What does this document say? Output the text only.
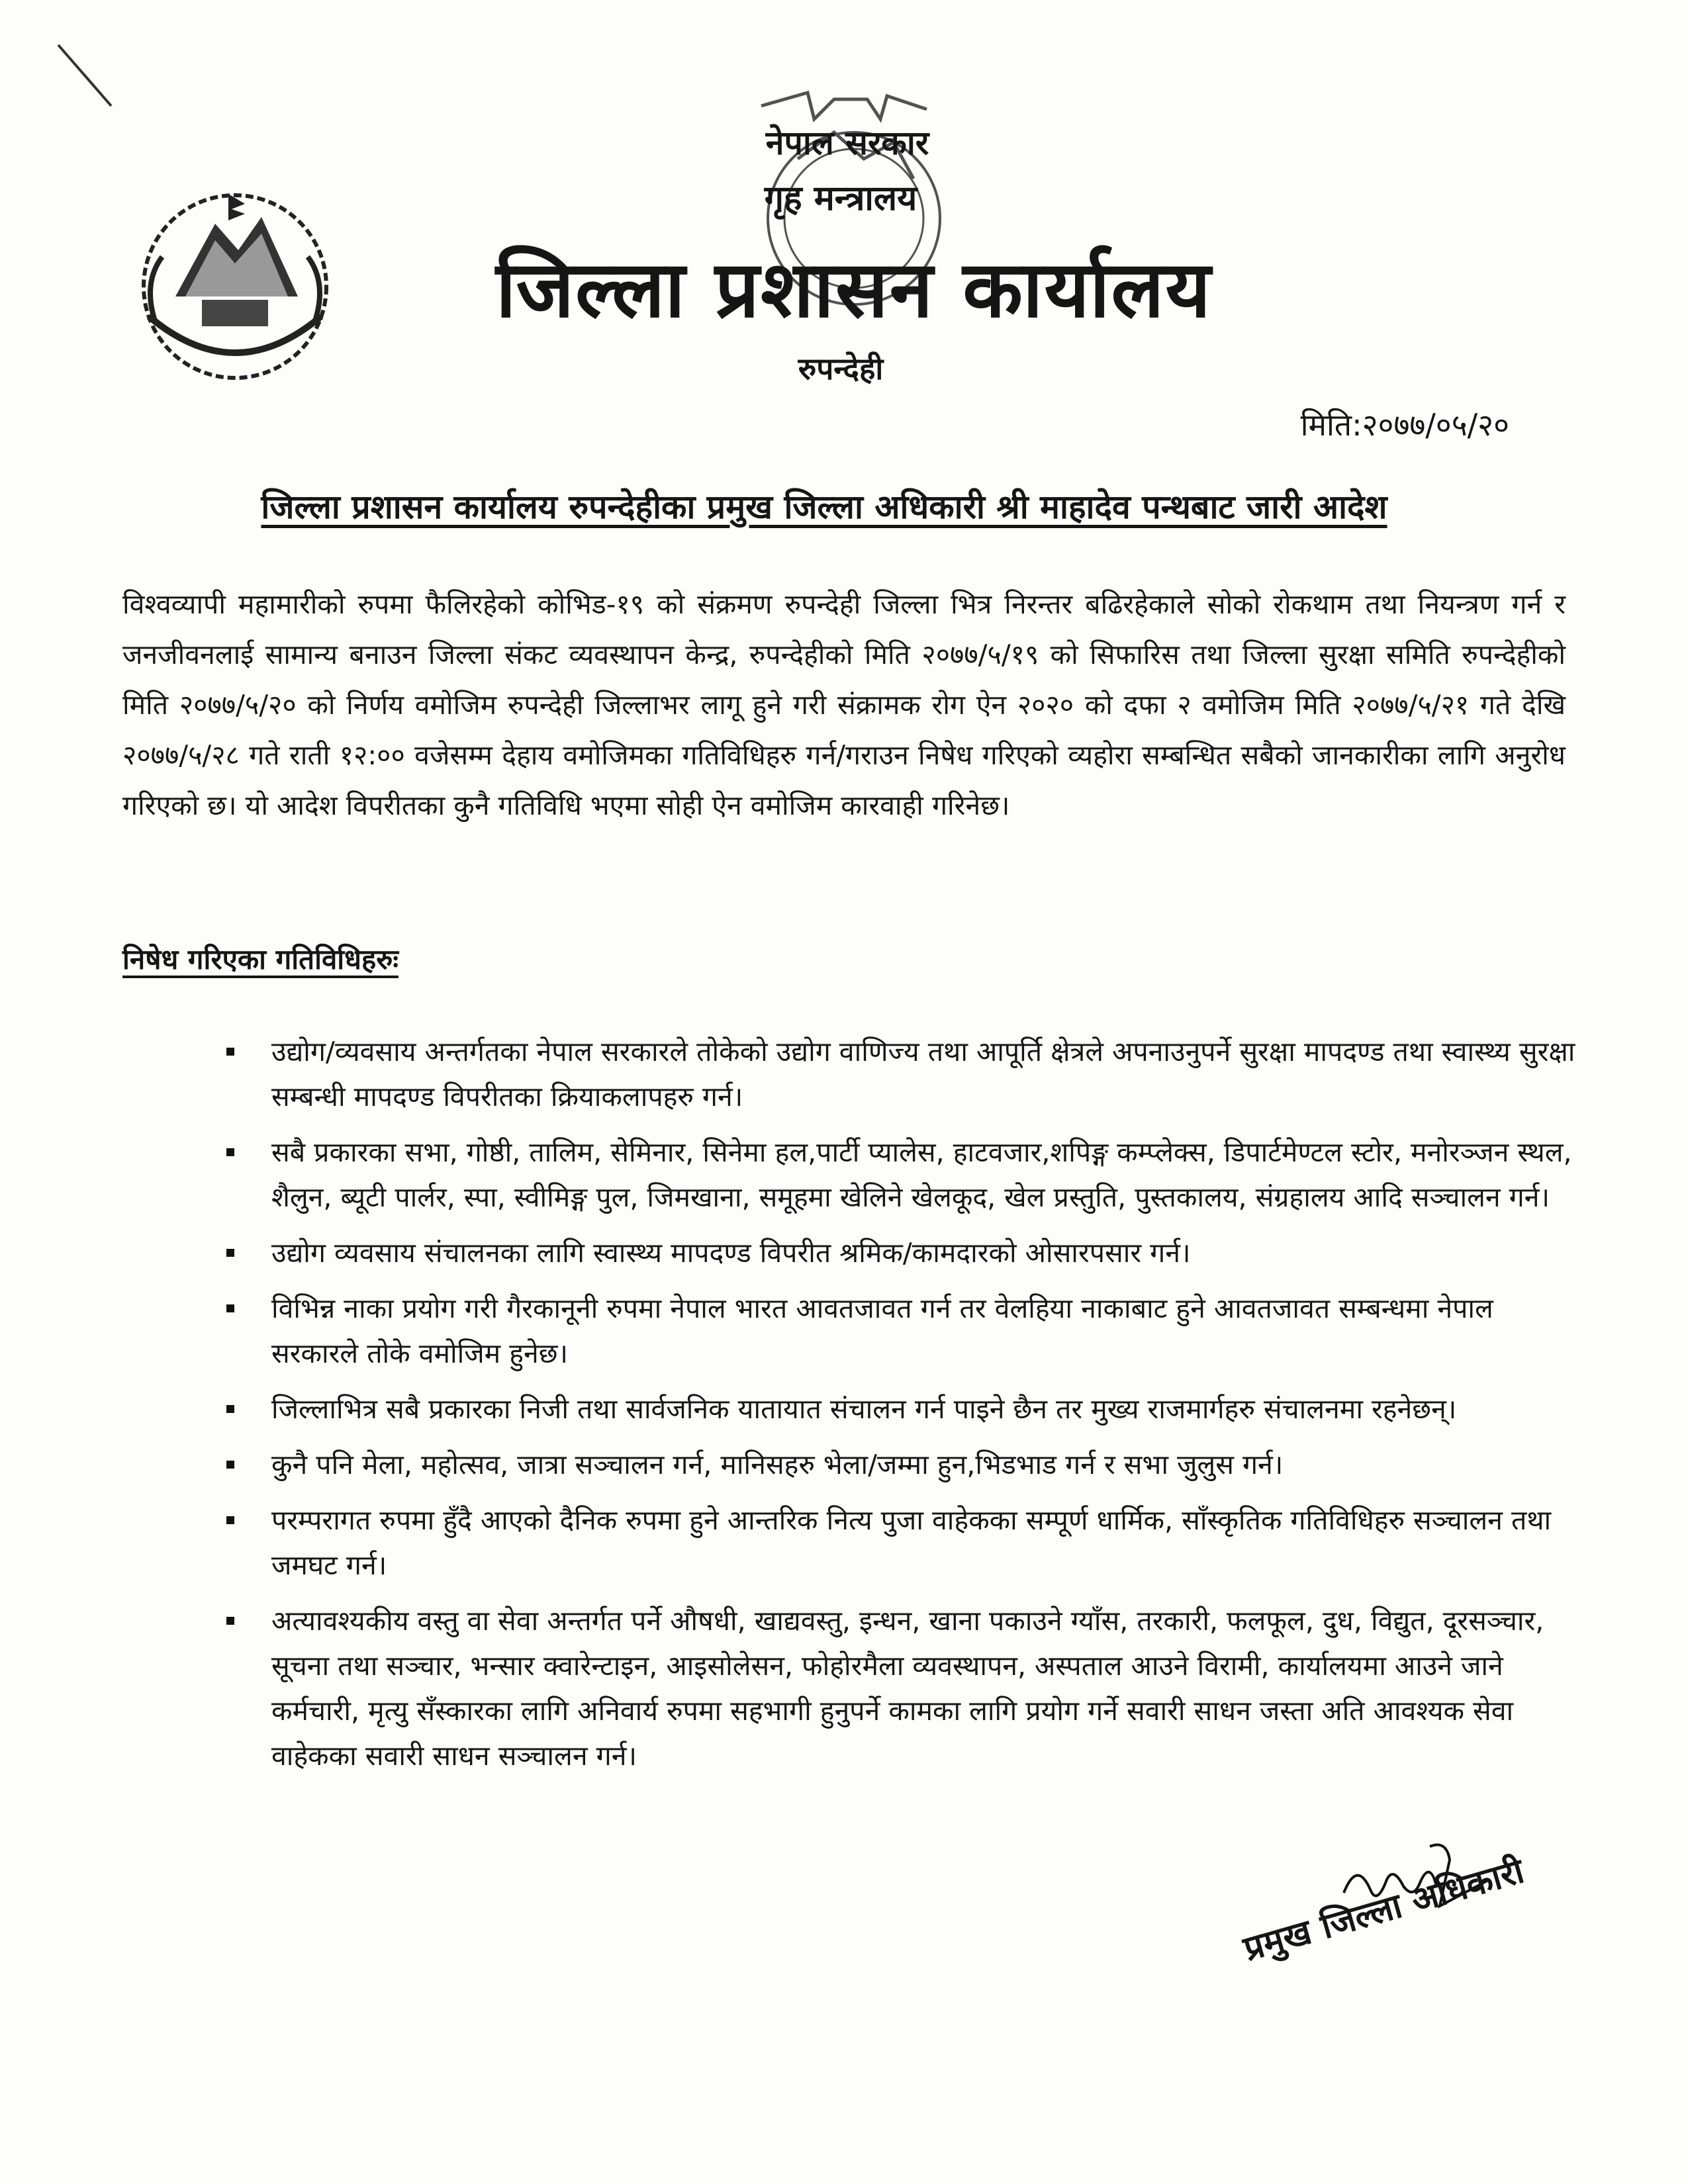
नेपाल सरकार
गृह मन्त्रालय
जिल्ला प्रशासन कार्यालय
रुपन्देही
मिति:२०७७/०५/२०
जिल्ला प्रशासन कार्यालय रुपन्देहीका प्रमुख जिल्ला अधिकारी श्री माहादेव पन्थबाट जारी आदेश
विश्वव्यापी महामारीको रुपमा फैलिरहेको कोभिड-१९ को संक्रमण रुपन्देही जिल्ला भित्र निरन्तर बढिरहेकाले सोको रोकथाम तथा नियन्त्रण गर्न र जनजीवनलाई सामान्य बनाउन जिल्ला संकट व्यवस्थापन केन्द्र, रुपन्देहीको मिति २०७७/५/१९ को सिफारिस तथा जिल्ला सुरक्षा समिति रुपन्देहीको मिति २०७७/५/२० को निर्णय वमोजिम रुपन्देही जिल्लाभर लागू हुने गरी संक्रामक रोग ऐन २०२० को दफा २ वमोजिम मिति २०७७/५/२१ गते देखि २०७७/५/२८ गते राती १२:०० वजेसम्म देहाय वमोजिमका गतिविधिहरु गर्न/गराउन निषेध गरिएको व्यहोरा सम्बन्धित सबैको जानकारीका लागि अनुरोध गरिएको छ। यो आदेश विपरीतका कुनै गतिविधि भएमा सोही ऐन वमोजिम कारवाही गरिनेछ।
निषेध गरिएका गतिविधिहरुः
उद्योग/व्यवसाय अन्तर्गतका नेपाल सरकारले तोकेको उद्योग वाणिज्य तथा आपूर्ति क्षेत्रले अपनाउनुपर्ने सुरक्षा मापदण्ड तथा स्वास्थ्य सुरक्षा सम्बन्धी मापदण्ड विपरीतका क्रियाकलापहरु गर्न।
सबै प्रकारका सभा, गोष्ठी, तालिम, सेमिनार, सिनेमा हल,पार्टी प्यालेस, हाटवजार,शपिङ्ग कम्प्लेक्स, डिपार्टमेण्टल स्टोर, मनोरञ्जन स्थल, शैलुन, ब्यूटी पार्लर, स्पा, स्वीमिङ्ग पुल, जिमखाना, समूहमा खेलिने खेलकूद, खेल प्रस्तुति, पुस्तकालय, संग्रहालय आदि सञ्चालन गर्न।
उद्योग व्यवसाय संचालनका लागि स्वास्थ्य मापदण्ड विपरीत श्रमिक/कामदारको ओसारपसार गर्न।
विभिन्न नाका प्रयोग गरी गैरकानूनी रुपमा नेपाल भारत आवतजावत गर्न तर वेलहिया नाकाबाट हुने आवतजावत सम्बन्धमा नेपाल सरकारले तोके वमोजिम हुनेछ।
जिल्लाभित्र सबै प्रकारका निजी तथा सार्वजनिक यातायात संचालन गर्न पाइने छैन तर मुख्य राजमार्गहरु संचालनमा रहनेछन्।
कुनै पनि मेला, महोत्सव, जात्रा सञ्चालन गर्न, मानिसहरु भेला/जम्मा हुन,भिडभाड गर्न र सभा जुलुस गर्न।
परम्परागत रुपमा हुँदै आएको दैनिक रुपमा हुने आन्तरिक नित्य पुजा वाहेकका सम्पूर्ण धार्मिक, साँस्कृतिक गतिविधिहरु सञ्चालन तथा जमघट गर्न।
अत्यावश्यकीय वस्तु वा सेवा अन्तर्गत पर्ने औषधी, खाद्यवस्तु, इन्धन, खाना पकाउने ग्याँस, तरकारी, फलफूल, दुध, विद्युत, दूरसञ्चार, सूचना तथा सञ्चार, भन्सार क्वारेन्टाइन, आइसोलेसन, फोहोरमैला व्यवस्थापन, अस्पताल आउने विरामी, कार्यालयमा आउने जाने कर्मचारी, मृत्यु सँस्कारका लागि अनिवार्य रुपमा सहभागी हुनुपर्ने कामका लागि प्रयोग गर्ने सवारी साधन जस्ता अति आवश्यक सेवा वाहेकका सवारी साधन सञ्चालन गर्न।
प्रमुख जिल्ला अधिकारी
